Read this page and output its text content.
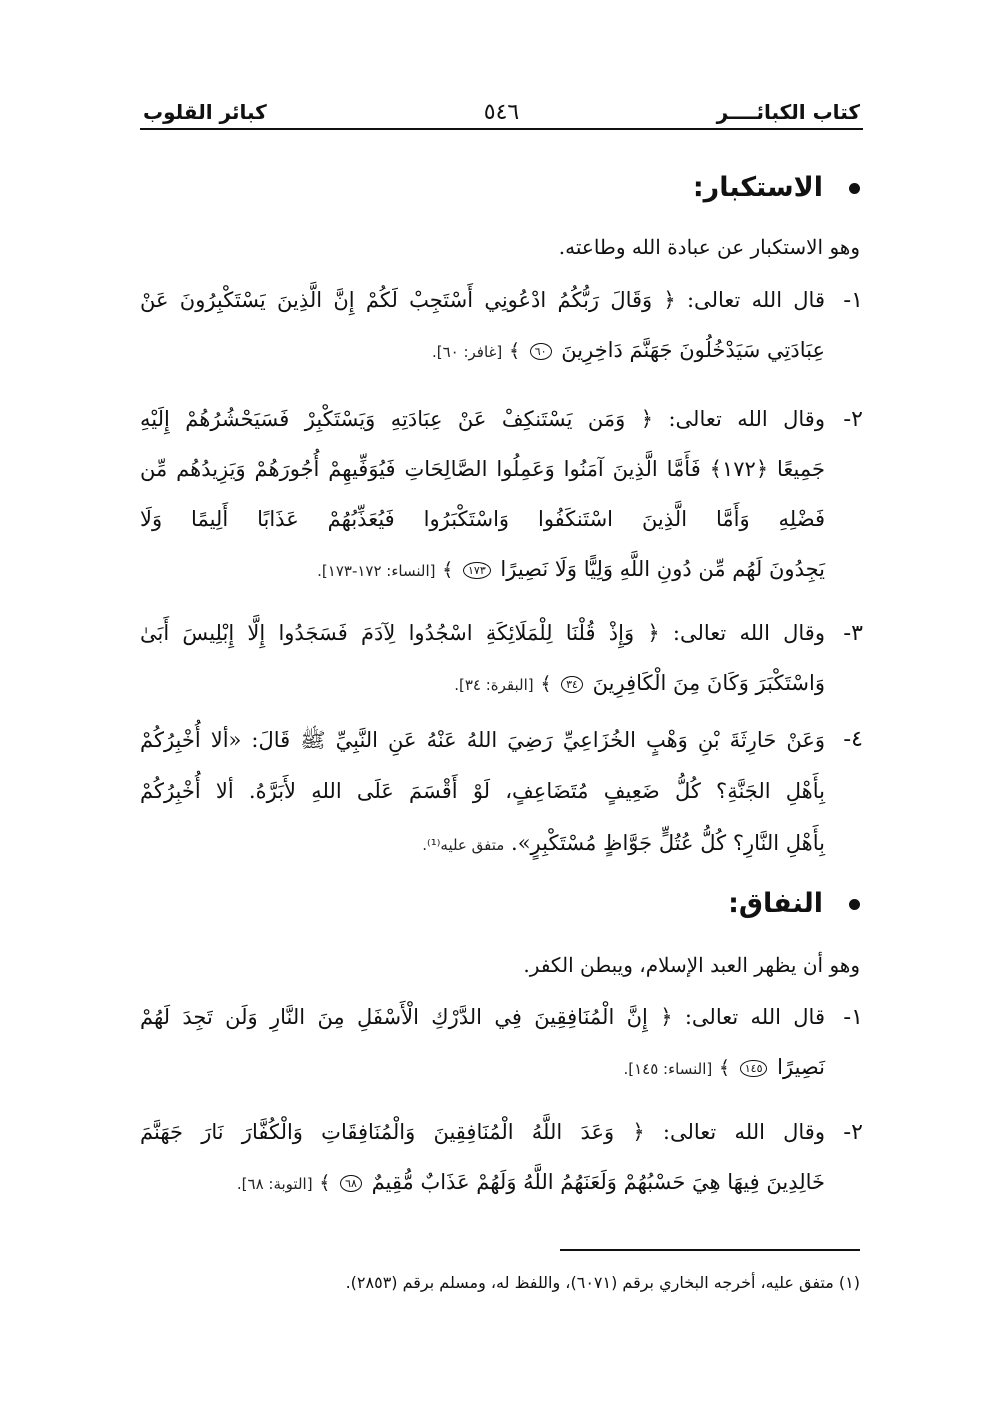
كتاب الكبائــــر
٥٤٦
كبائر القلوب
الاستكبار:
وهو الاستكبار عن عبادة الله وطاعته.
١-
قال الله تعالى: ﴿ وَقَالَ رَبُّكُمُ ادْعُونِي أَسْتَجِبْ لَكُمْ إِنَّ الَّذِينَ يَسْتَكْبِرُونَ عَنْ
عِبَادَتِي سَيَدْخُلُونَ جَهَنَّمَ دَاخِرِينَ ٦٠ ﴾ [غافر: ٦٠].
٢-
وقال الله تعالى: ﴿ وَمَن يَسْتَنكِفْ عَنْ عِبَادَتِهِ وَيَسْتَكْبِرْ فَسَيَحْشُرُهُمْ إِلَيْهِ
جَمِيعًا ﴿١٧٢﴾ فَأَمَّا الَّذِينَ آمَنُوا وَعَمِلُوا الصَّالِحَاتِ فَيُوَفِّيهِمْ أُجُورَهُمْ وَيَزِيدُهُم مِّن
فَضْلِهِ وَأَمَّا الَّذِينَ اسْتَنكَفُوا وَاسْتَكْبَرُوا فَيُعَذِّبُهُمْ عَذَابًا أَلِيمًا وَلَا
يَجِدُونَ لَهُم مِّن دُونِ اللَّهِ وَلِيًّا وَلَا نَصِيرًا ١٧٣ ﴾ [النساء: ١٧٢-١٧٣].
٣-
وقال الله تعالى: ﴿ وَإِذْ قُلْنَا لِلْمَلَائِكَةِ اسْجُدُوا لِآدَمَ فَسَجَدُوا إِلَّا إِبْلِيسَ أَبَىٰ
وَاسْتَكْبَرَ وَكَانَ مِنَ الْكَافِرِينَ ٣٤ ﴾ [البقرة: ٣٤].
٤-
وَعَنْ حَارِثَةَ بْنِ وَهْبٍ الخُزَاعِيِّ رَضِيَ اللهُ عَنْهُ عَنِ النَّبِيِّ ﷺ قَالَ: «ألا أُخْبِرُكُمْ
بِأَهْلِ الجَنَّةِ؟ كُلُّ ضَعِيفٍ مُتَضَاعِفٍ، لَوْ أَقْسَمَ عَلَى اللهِ لأَبَرَّهُ. ألا أُخْبِرُكُمْ
بِأَهْلِ النَّارِ؟ كُلُّ عُتُلٍّ جَوَّاظٍ مُسْتَكْبِرٍ». متفق عليه⁽¹⁾.
النفاق:
وهو أن يظهر العبد الإسلام، ويبطن الكفر.
١-
قال الله تعالى: ﴿ إِنَّ الْمُنَافِقِينَ فِي الدَّرْكِ الْأَسْفَلِ مِنَ النَّارِ وَلَن تَجِدَ لَهُمْ
نَصِيرًا ١٤٥ ﴾ [النساء: ١٤٥].
٢-
وقال الله تعالى: ﴿ وَعَدَ اللَّهُ الْمُنَافِقِينَ وَالْمُنَافِقَاتِ وَالْكُفَّارَ نَارَ جَهَنَّمَ
خَالِدِينَ فِيهَا هِيَ حَسْبُهُمْ وَلَعَنَهُمُ اللَّهُ وَلَهُمْ عَذَابٌ مُّقِيمٌ ٦٨ ﴾ [التوبة: ٦٨].
(١) متفق عليه، أخرجه البخاري برقم (٦٠٧١)، واللفظ له، ومسلم برقم (٢٨٥٣).
